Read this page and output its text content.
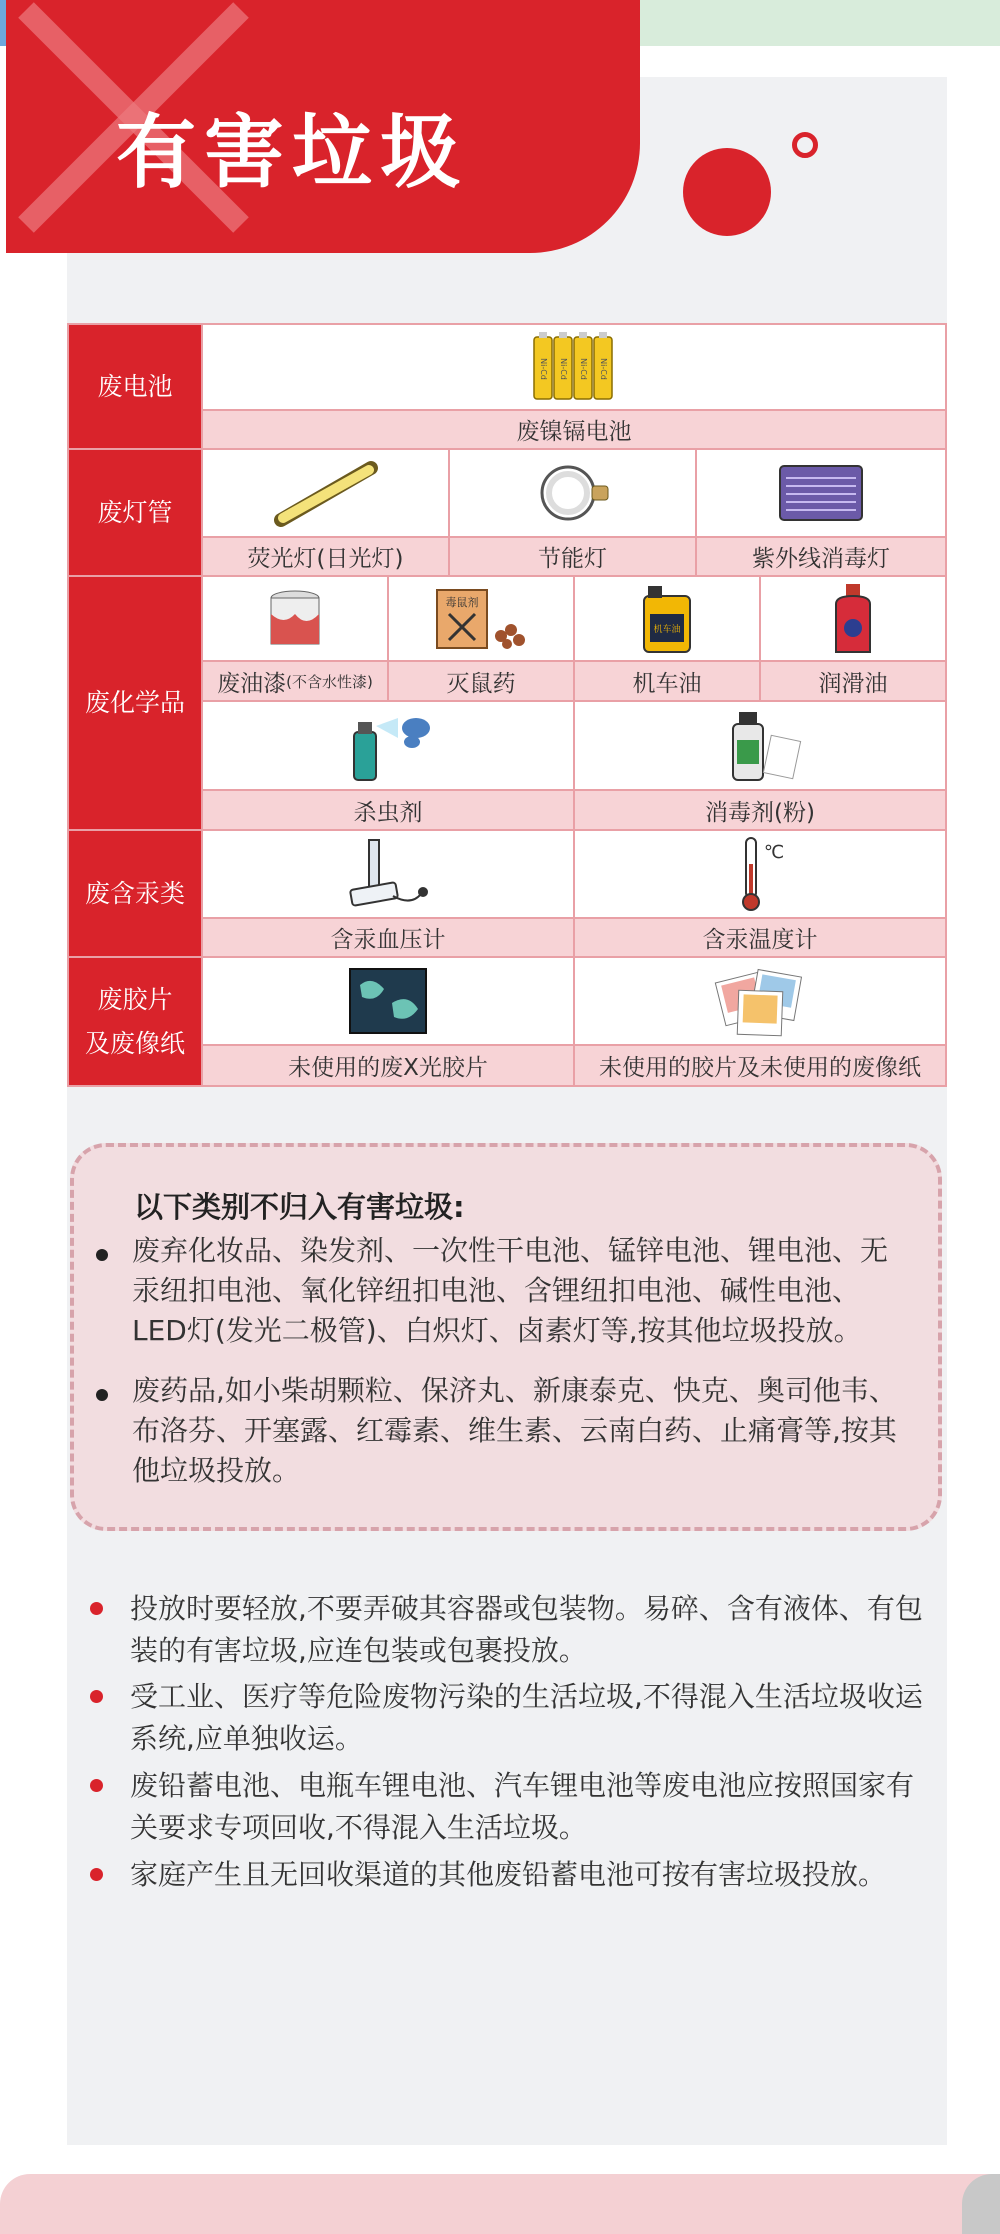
有害垃圾
废电池
Ni-Cd Ni-Cd Ni-Cd Ni-Cd
废镍镉电池
废灯管
荧光灯(日光灯)	节能灯	紫外线消毒灯
废化学品
毒鼠剂
机车油
废油漆 (不含水性漆)	灭鼠药	机车油	润滑油
杀虫剂	消毒剂(粉)
废含汞类
℃
含汞血压计	含汞温度计
废胶片
及废像纸
未使用的废X光胶片	未使用的胶片及未使用的废像纸
以下类别不归入有害垃圾:
废弃化妆品、染发剂、一次性干电池、锰锌电池、锂电池、无汞纽扣电池、氧化锌纽扣电池、含锂纽扣电池、碱性电池、LED灯(发光二极管)、白炽灯、卤素灯等,按其他垃圾投放。
废药品,如小柴胡颗粒、保济丸、新康泰克、快克、奥司他韦、布洛芬、开塞露、红霉素、维生素、云南白药、止痛膏等,按其他垃圾投放。
投放时要轻放,不要弄破其容器或包装物。易碎、含有液体、有包装的有害垃圾,应连包装或包裹投放。
受工业、医疗等危险废物污染的生活垃圾,不得混入生活垃圾收运系统,应单独收运。
废铅蓄电池、电瓶车锂电池、汽车锂电池等废电池应按照国家有关要求专项回收,不得混入生活垃圾。
家庭产生且无回收渠道的其他废铅蓄电池可按有害垃圾投放。
